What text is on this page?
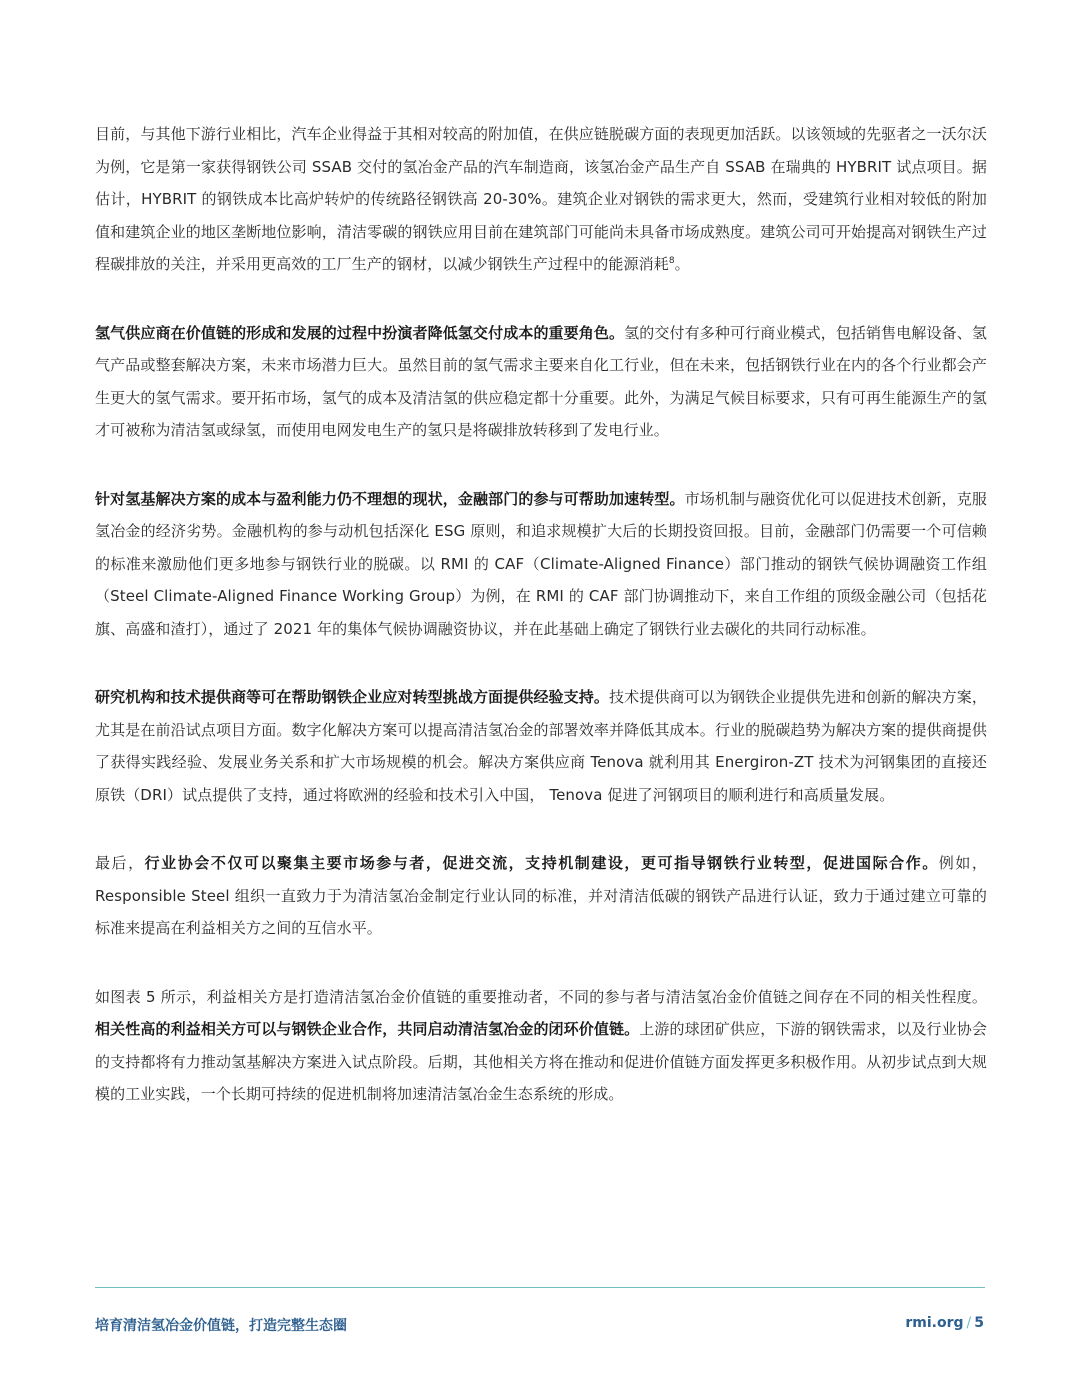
目前，与其他下游行业相比，汽车企业得益于其相对较高的附加值，在供应链脱碳方面的表现更加活跃。以该领域的先驱者之一沃尔沃为例，它是第一家获得钢铁公司 SSAB 交付的氢冶金产品的汽车制造商，该氢冶金产品生产自 SSAB 在瑞典的 HYBRIT 试点项目。据估计，HYBRIT 的钢铁成本比高炉转炉的传统路径钢铁高 20-30%。建筑企业对钢铁的需求更大，然而，受建筑行业相对较低的附加值和建筑企业的地区垄断地位影响，清洁零碳的钢铁应用目前在建筑部门可能尚未具备市场成熟度。建筑公司可开始提高对钢铁生产过程碳排放的关注，并采用更高效的工厂生产的钢材，以减少钢铁生产过程中的能源消耗$^8$。

氢气供应商在价值链的形成和发展的过程中扮演者降低氢交付成本的重要角色。氢的交付有多种可行商业模式，包括销售电解设备、氢气产品或整套解决方案，未来市场潜力巨大。虽然目前的氢气需求主要来自化工行业，但在未来，包括钢铁行业在内的各个行业都会产生更大的氢气需求。要开拓市场，氢气的成本及清洁氢的供应稳定都十分重要。此外，为满足气候目标要求，只有可再生能源生产的氢才可被称为清洁氢或绿氢，而使用电网发电生产的氢只是将碳排放转移到了发电行业。

针对氢基解决方案的成本与盈利能力仍不理想的现状，金融部门的参与可帮助加速转型。市场机制与融资优化可以促进技术创新，克服氢冶金的经济劣势。金融机构的参与动机包括深化 ESG 原则，和追求规模扩大后的长期投资回报。目前，金融部门仍需要一个可信赖的标准来激励他们更多地参与钢铁行业的脱碳。以 RMI 的 CAF（Climate-Aligned Finance）部门推动的钢铁气候协调融资工作组（Steel Climate-Aligned Finance Working Group）为例，在 RMI 的 CAF 部门协调推动下，来自工作组的顶级金融公司（包括花旗、高盛和渣打），通过了 2021 年的集体气候协调融资协议，并在此基础上确定了钢铁行业去碳化的共同行动标准。

研究机构和技术提供商等可在帮助钢铁企业应对转型挑战方面提供经验支持。技术提供商可以为钢铁企业提供先进和创新的解决方案，尤其是在前沿试点项目方面。数字化解决方案可以提高清洁氢冶金的部署效率并降低其成本。行业的脱碳趋势为解决方案的提供商提供了获得实践经验、发展业务关系和扩大市场规模的机会。解决方案供应商 Tenova 就利用其 Energiron-ZT 技术为河钢集团的直接还原铁（DRI）试点提供了支持，通过将欧洲的经验和技术引入中国， Tenova 促进了河钢项目的顺利进行和高质量发展。

最后，行业协会不仅可以聚集主要市场参与者，促进交流，支持机制建设，更可指导钢铁行业转型，促进国际合作。例如，Responsible Steel 组织一直致力于为清洁氢冶金制定行业认同的标准，并对清洁低碳的钢铁产品进行认证，致力于通过建立可靠的标准来提高在利益相关方之间的互信水平。

如图表 5 所示，利益相关方是打造清洁氢冶金价值链的重要推动者，不同的参与者与清洁氢冶金价值链之间存在不同的相关性程度。相关性高的利益相关方可以与钢铁企业合作，共同启动清洁氢冶金的闭环价值链。上游的球团矿供应，下游的钢铁需求，以及行业协会的支持都将有力推动氢基解决方案进入试点阶段。后期，其他相关方将在推动和促进价值链方面发挥更多积极作用。从初步试点到大规模的工业实践，一个长期可持续的促进机制将加速清洁氢冶金生态系统的形成。

培育清洁氢冶金价值链，打造完整生态圈	rmi.org / 5
